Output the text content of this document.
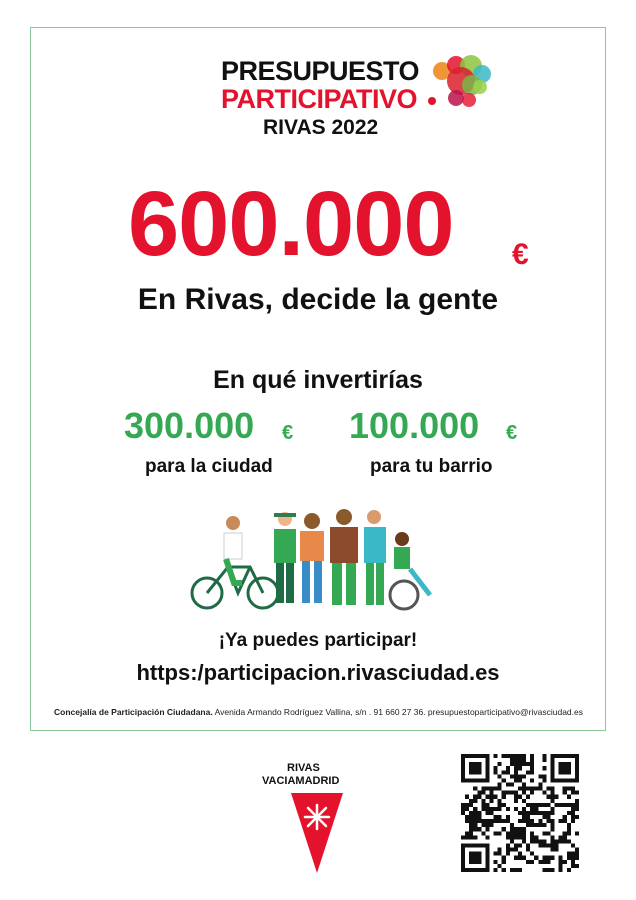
PRESUPUESTO
PARTICIPATIVO
RIVAS 2022
600.000 €
En Rivas, decide la gente
En qué invertirías
300.000 €
para la ciudad
100.000 €
para tu barrio
¡Ya puedes participar!
https:/participacion.rivasciudad.es
Concejalía de Participación Ciudadana. Avenida Armando Rodríguez Vallina, s/n . 91 660 27 36. presupuestoparticipativo@rivasciudad.es
RIVAS
VACIAMADRID
